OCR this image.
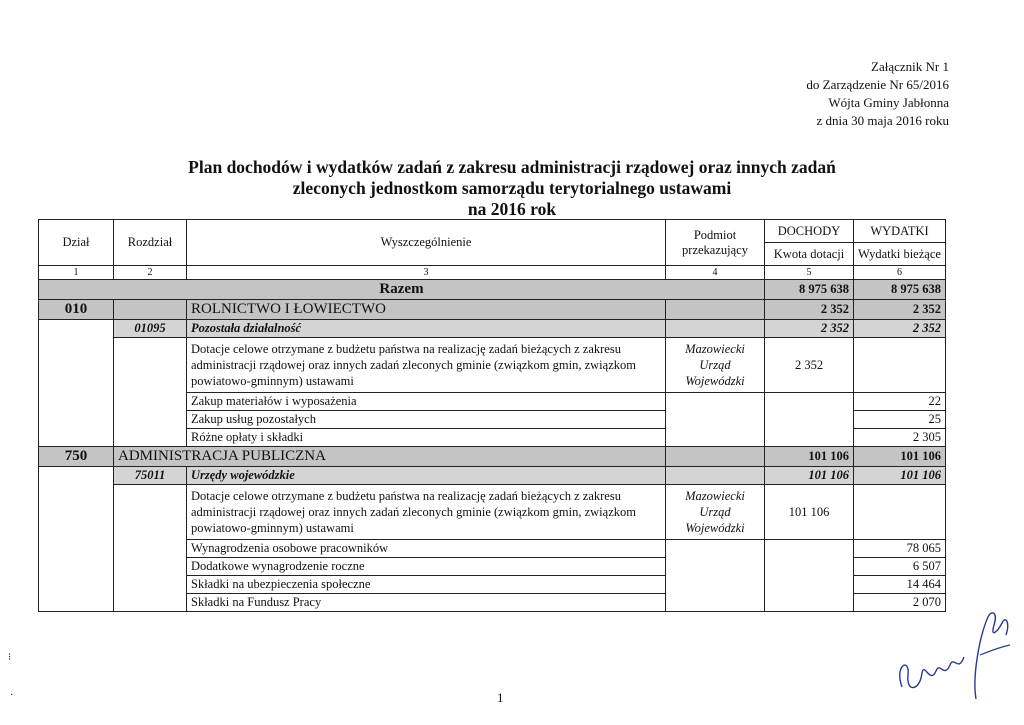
Załącznik Nr 1
do Zarządzenie Nr 65/2016
Wójta Gminy Jabłonna
z dnia 30 maja 2016 roku
Plan dochodów i wydatków zadań z zakresu administracji rządowej oraz innych zadań
zleconych jednostkom samorządu terytorialnego ustawami
na 2016 rok
Dział	Rozdział	Wyszczególnienie	Podmiot przekazujący	DOCHODY	WYDATKI
				Kwota dotacji	Wydatki bieżące

1	2	3	4	5	6
Razem				8 975 638	8 975 638
010		ROLNICTWO I ŁOWIECTWO		2 352	2 352
	01095	Pozostała działalność		2 352	2 352
		Dotacje celowe otrzymane z budżetu państwa na realizację zadań bieżących z zakresu administracji rządowej oraz innych zadań zleconych gminie (związkom gmin, związkom powiatowo-gminnym) ustawami	Mazowiecki Urząd Wojewódzki	2 352	
		Zakup materiałów i wyposażenia			22
		Zakup usług pozostałych			25
		Różne opłaty i składki			2 305
750	ADMINISTRACJA PUBLICZNA			101 106	101 106
	75011	Urzędy wojewódzkie		101 106	101 106
		Dotacje celowe otrzymane z budżetu państwa na realizację zadań bieżących z zakresu administracji rządowej oraz innych zadań zleconych gminie (związkom gmin, związkom powiatowo-gminnym) ustawami	Mazowiecki Urząd Wojewódzki	101 106	
		Wynagrodzenia osobowe pracowników			78 065
		Dodatkowe wynagrodzenie roczne			6 507
		Składki na ubezpieczenia społeczne			14 464
		Składki na Fundusz Pracy			2 070
1
⁝
·
